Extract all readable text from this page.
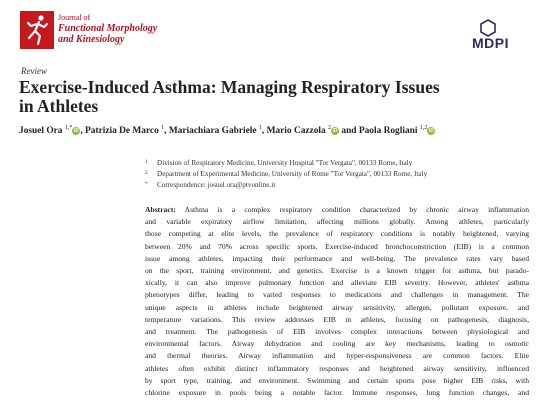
Journal of
Functional Morphology
and Kinesiology	MDPI
Review
Exercise-Induced Asthma: Managing Respiratory Issues
in Athletes
Josuel Ora $^{1,*}$iD , Patrizia De Marco $^1$, Mariachiara Gabriele $^1$, Mario Cazzola $^2$iD and Paola Rogliani $^{1,2}$iD
1 Division of Respiratory Medicine, University Hospital "Tor Vergata", 00133 Rome, Italy
2 Department of Experimental Medicine, University of Rome "Tor Vergata", 00133 Rome, Italy
* Correspondence: josuel.ora@ptvonline.it
Abstract: Asthma is a complex respiratory condition characterized by chronic airway inflammation
and variable expiratory airflow limitation, affecting millions globally. Among athletes, particularly
those competing at elite levels, the prevalence of respiratory conditions is notably heightened, varying
between 20% and 70% across specific sports. Exercise-induced bronchoconstriction (EIB) is a common
issue among athletes, impacting their performance and well-being. The prevalence rates vary based
on the sport, training environment, and genetics. Exercise is a known trigger for asthma, but parado-
xically, it can also improve pulmonary function and alleviate EIB severity. However, athletes' asthma
phenotypes differ, leading to varied responses to medications and challenges in management. The
unique aspects in athletes include heightened airway sensitivity, allergen, pollutant exposure, and
temperature variations. This review addresses EIB in athletes, focusing on pathogenesis, diagnosis,
and treatment. The pathogenesis of EIB involves complex interactions between physiological and
environmental factors. Airway dehydration and cooling are key mechanisms, leading to osmotic
and thermal theories. Airway inflammation and hyper-responsiveness are common factors. Elite
athletes often exhibit distinct inflammatory responses and heightened airway sensitivity, influenced
by sport type, training, and environment. Swimming and certain sports pose higher EIB risks, with
chlorine exposure in pools being a notable factor. Immune responses, lung function changes, and
